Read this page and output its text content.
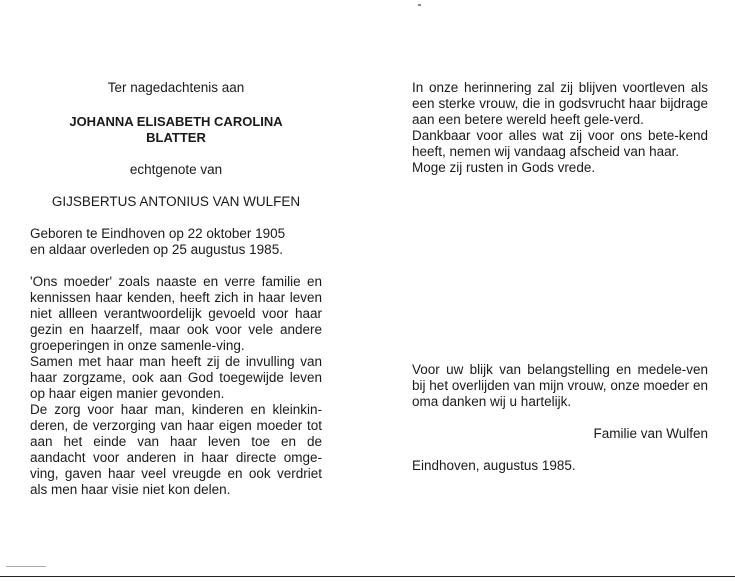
Ter nagedachtenis aan

JOHANNA ELISABETH CAROLINA

BLATTER

echtgenote van

GIJSBERTUS ANTONIUS VAN WULFEN

Geboren te Eindhoven op 22 oktober 1905

en aldaar overleden op 25 augustus 1985.

'Ons moeder' zoals naaste en verre familie en kennissen haar kenden, heeft zich in haar leven niet allleen verantwoordelijk gevoeld voor haar gezin en haarzelf, maar ook voor vele andere groeperingen in onze samenle-ving.

Samen met haar man heeft zij de invulling van haar zorgzame, ook aan God toegewijde leven op haar eigen manier gevonden.

De zorg voor haar man, kinderen en kleinkin-deren, de verzorging van haar eigen moeder tot aan het einde van haar leven toe en de aandacht voor anderen in haar directe omge-ving, gaven haar veel vreugde en ook verdriet als men haar visie niet kon delen.

In onze herinnering zal zij blijven voortleven als een sterke vrouw, die in godsvrucht haar bijdrage aan een betere wereld heeft gele-verd.

Dankbaar voor alles wat zij voor ons bete-kend heeft, nemen wij vandaag afscheid van haar.

Moge zij rusten in Gods vrede.

Voor uw blijk van belangstelling en medele-ven bij het overlijden van mijn vrouw, onze moeder en oma danken wij u hartelijk.

Familie van Wulfen

Eindhoven, augustus 1985.
